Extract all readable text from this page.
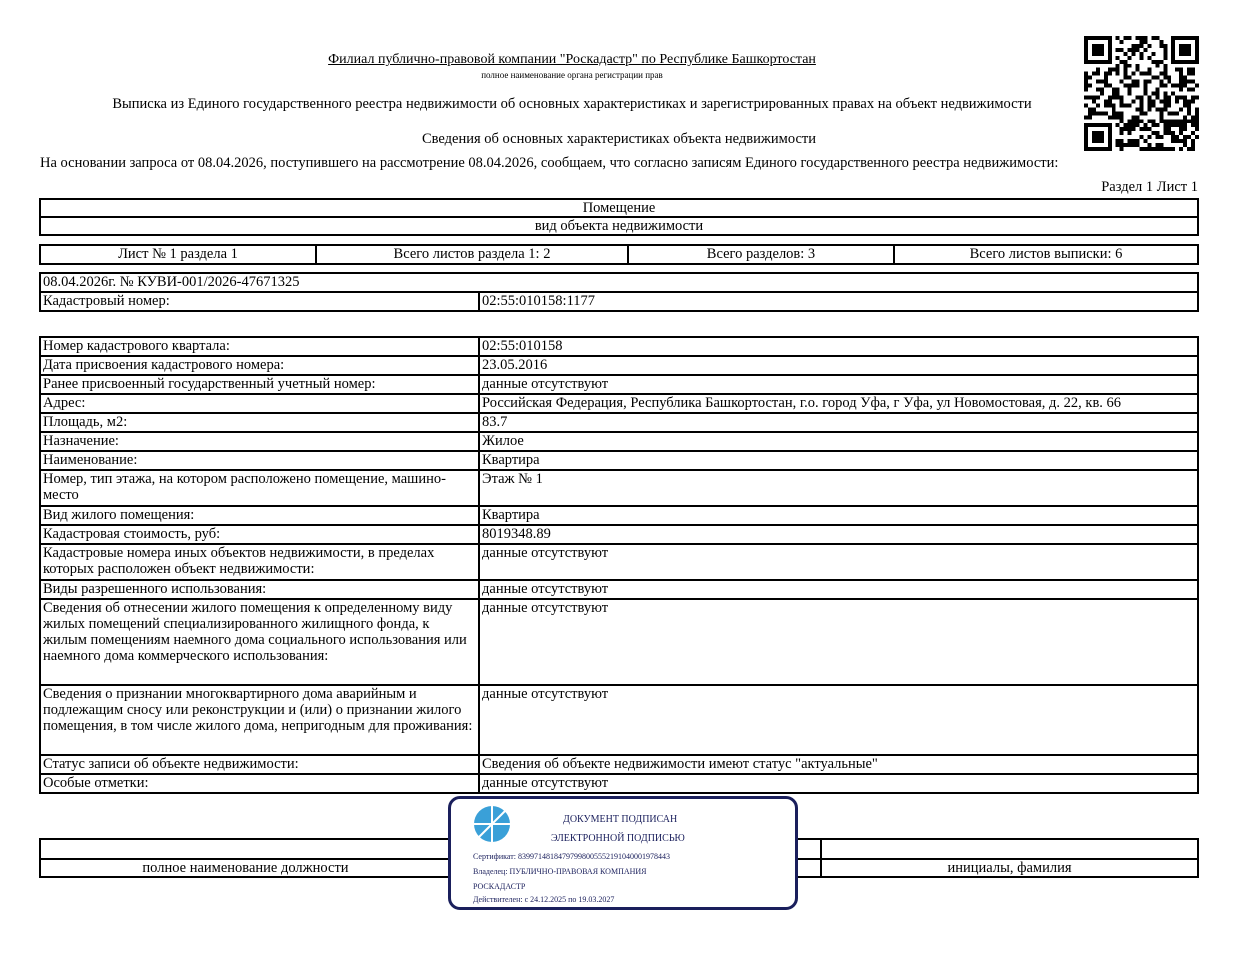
Филиал публично-правовой компании "Роскадастр" по Республике Башкортостан
полное наименование органа регистрации прав
Выписка из Единого государственного реестра недвижимости об основных характеристиках и зарегистрированных правах на объект недвижимости
Сведения об основных характеристиках объекта недвижимости
На основании запроса от 08.04.2026, поступившего на рассмотрение 08.04.2026, сообщаем, что согласно записям Единого государственного реестра недвижимости:
Раздел 1 Лист 1
Помещение
вид объекта недвижимости
Лист № 1 раздела 1	Всего листов раздела 1: 2	Всего разделов: 3	Всего листов выписки: 6
08.04.2026г. № КУВИ-001/2026-47671325
Кадастровый номер:	02:55:010158:1177
Номер кадастрового квартала:	02:55:010158
Дата присвоения кадастрового номера:	23.05.2016
Ранее присвоенный государственный учетный номер:	данные отсутствуют
Адрес:	Российская Федерация, Республика Башкортостан, г.о. город Уфа, г Уфа, ул Новомостовая, д. 22, кв. 66
Площадь, м2:	83.7
Назначение:	Жилое
Наименование:	Квартира
Номер, тип этажа, на котором расположено помещение, машино-место	Этаж № 1
Вид жилого помещения:	Квартира
Кадастровая стоимость, руб:	8019348.89
Кадастровые номера иных объектов недвижимости, в пределах которых расположен объект недвижимости:	данные отсутствуют
Виды разрешенного использования:	данные отсутствуют
Сведения об отнесении жилого помещения к определенному виду жилых помещений специализированного жилищного фонда, к жилым помещениям наемного дома социального использования или наемного дома коммерческого использования:	данные отсутствуют
Сведения о признании многоквартирного дома аварийным и подлежащим сносу или реконструкции и (или) о признании жилого помещения, в том числе жилого дома, непригодным для проживания:	данные отсутствуют
Статус записи об объекте недвижимости:	Сведения об объекте недвижимости имеют статус "актуальные"
Особые отметки:	данные отсутствуют

полное наименование должности		инициалы, фамилия
ДОКУМЕНТ ПОДПИСАН
ЭЛЕКТРОННОЙ ПОДПИСЬЮ
Сертификат: 839971481847979980055521910400019784​43
Владелец: ПУБЛИЧНО-ПРАВОВАЯ КОМПАНИЯ
РОСКАДАСТР
Действителен: с 24.12.2025 по 19.03.2027
